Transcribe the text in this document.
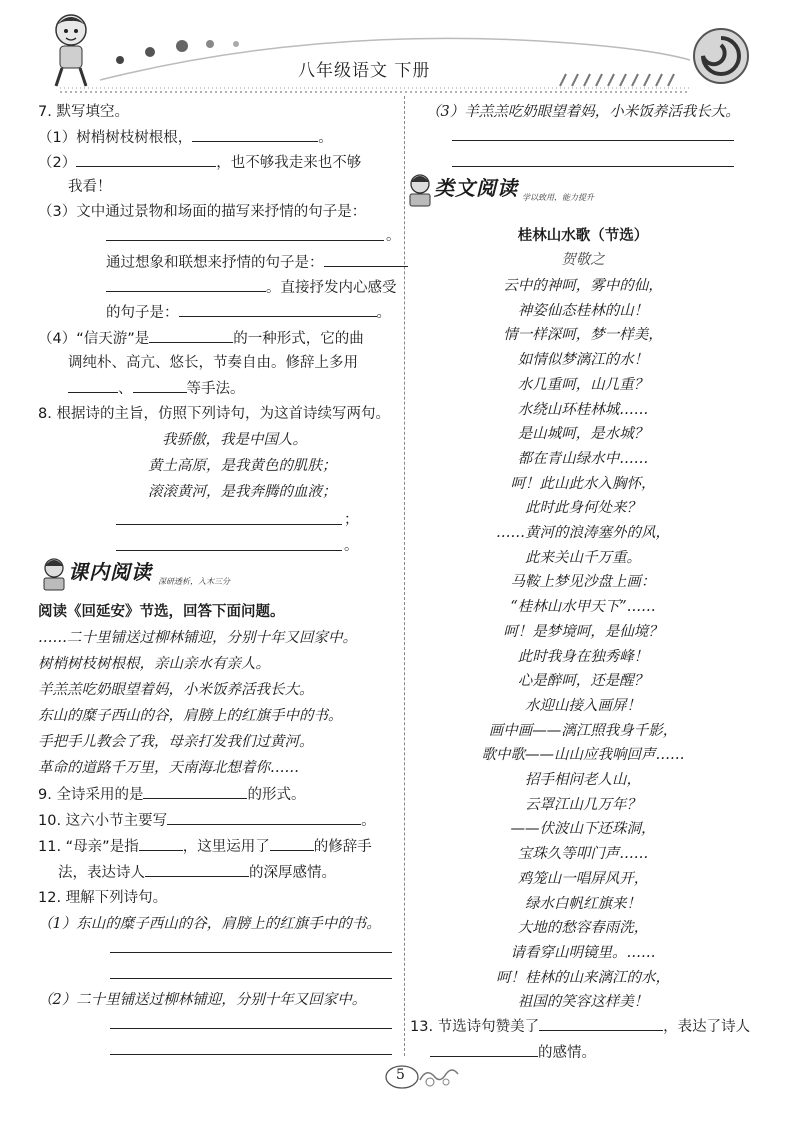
八年级语文 下册
7. 默写填空。
（1）树梢树枝树根根，	。
（2）	，也不够我走来也不够
我看！
（3）文中通过景物和场面的描写来抒情的句子是：
。
通过想象和联想来抒情的句子是：
。直接抒发内心感受
的句子是：	。
（4）“信天游”是	的一种形式，它的曲
调纯朴、高亢、悠长，节奏自由。修辞上多用
、	等手法。
8. 根据诗的主旨，仿照下列诗句，为这首诗续写两句。
我骄傲，我是中国人。
黄土高原，是我黄色的肌肤；
滚滚黄河，是我奔腾的血液；
；
。
课内阅读 深研透析，入木三分
阅读《回延安》节选，回答下面问题。
……二十里铺送过柳林铺迎，分别十年又回家中。
树梢树枝树根根，亲山亲水有亲人。
羊羔羔吃奶眼望着妈，小米饭养活我长大。
东山的糜子西山的谷，肩膀上的红旗手中的书。
手把手儿教会了我，母亲打发我们过黄河。
革命的道路千万里，天南海北想着你……
9. 全诗采用的是	的形式。
10. 这六小节主要写	。
11. “母亲”是指	，这里运用了	的修辞手
法，表达诗人	的深厚感情。
12. 理解下列诗句。
（1）东山的糜子西山的谷，肩膀上的红旗手中的书。
（2）二十里铺送过柳林铺迎，分别十年又回家中。
（3）羊羔羔吃奶眼望着妈，小米饭养活我长大。
类文阅读 学以致用，能力提升
桂林山水歌（节选）
贺敬之
云中的神呵，雾中的仙，
神姿仙态桂林的山！
情一样深呵，梦一样美，
如情似梦漓江的水！
水几重呵，山几重？
水绕山环桂林城……
是山城呵，是水城？
都在青山绿水中……
呵！此山此水入胸怀，
此时此身何处来？
……黄河的浪涛塞外的风，
此来关山千万重。
马鞍上梦见沙盘上画：
“桂林山水甲天下”……
呵！是梦境呵，是仙境？
此时我身在独秀峰！
心是醉呵，还是醒？
水迎山接入画屏！
画中画——漓江照我身千影，
歌中歌——山山应我响回声……
招手相问老人山，
云罩江山几万年？
——伏波山下还珠洞，
宝珠久等叩门声……
鸡笼山一唱屏风开，
绿水白帆红旗来！
大地的愁容春雨洗，
请看穿山明镜里。……
呵！桂林的山来漓江的水，
祖国的笑容这样美！
13. 节选诗句赞美了	，表达了诗人
的感情。
5
